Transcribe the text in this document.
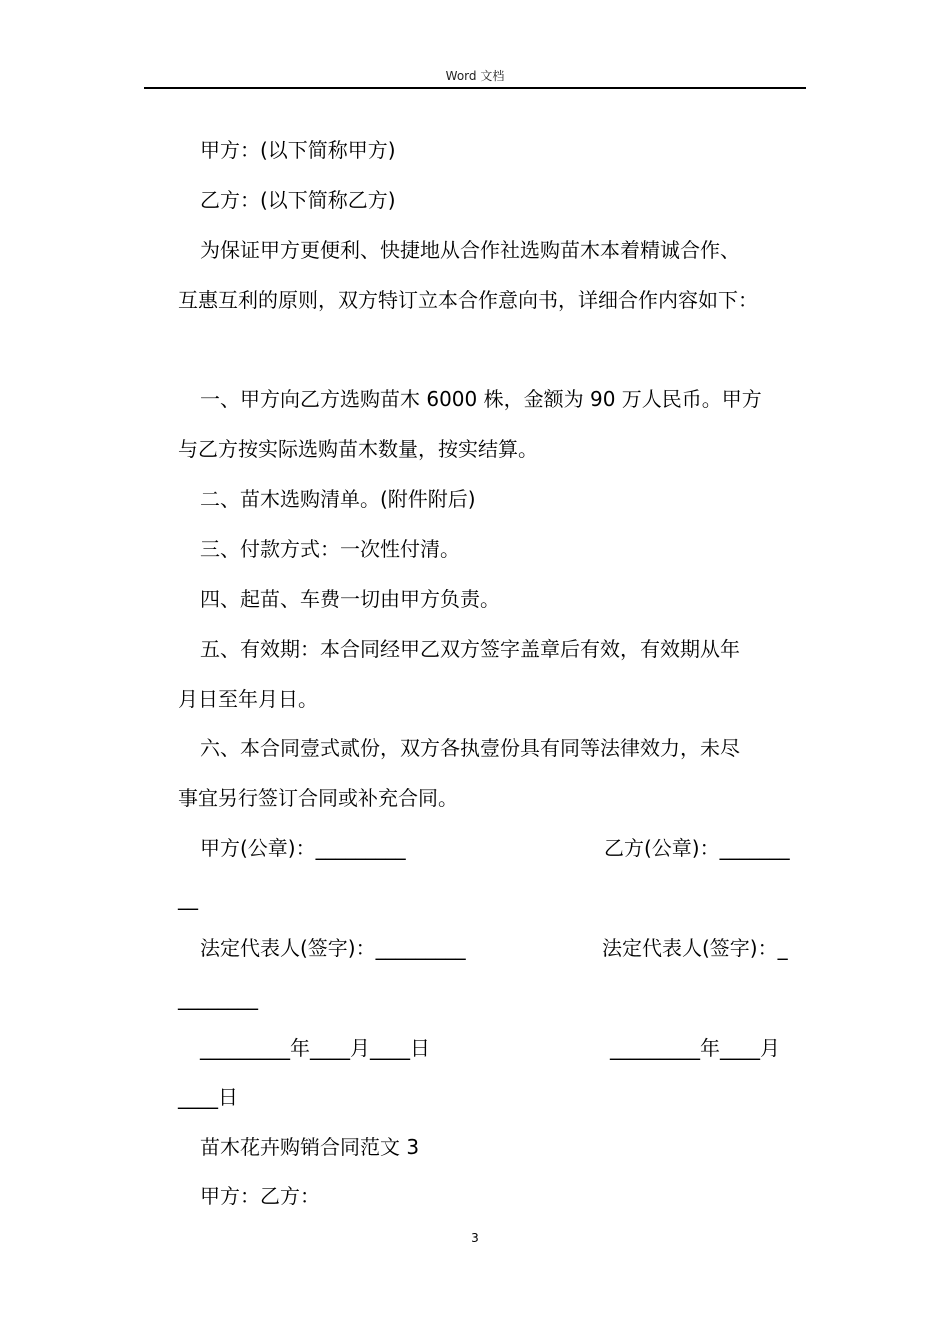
Word 文档
甲方：(以下简称甲方)
乙方：(以下简称乙方)
为保证甲方更便利、快捷地从合作社选购苗木本着精诚合作、
互惠互利的原则，双方特订立本合作意向书，详细合作内容如下：
一、甲方向乙方选购苗木 6000 株，金额为 90 万人民币。甲方
与乙方按实际选购苗木数量，按实结算。
二、苗木选购清单。(附件附后)
三、付款方式：一次性付清。
四、起苗、车费一切由甲方负责。
五、有效期：本合同经甲乙双方签字盖章后有效，有效期从年
月日至年月日。
六、本合同壹式贰份，双方各执壹份具有同等法律效力，未尽
事宜另行签订合同或补充合同。
甲方(公章)：_________	乙方(公章)：_______
__
法定代表人(签字)：_________	法定代表人(签字)：_
________
_________年____月____日	_________年____月
____日
苗木花卉购销合同范文 3
甲方：乙方：
3
